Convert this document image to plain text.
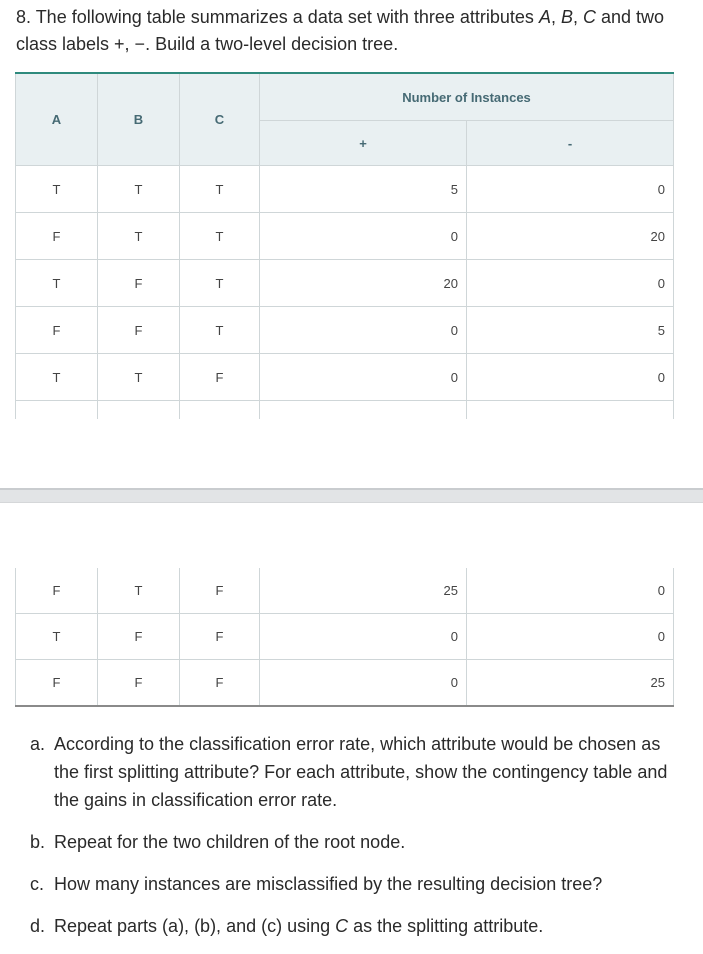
8. The following table summarizes a data set with three attributes A, B, C and two class labels +, −. Build a two-level decision tree.
A	B	C	Number of Instances	
			+	-
T	T	T	5	0
F	T	T	0	20
T	F	T	20	0
F	F	T	0	5
T	T	F	0	0

F	T	F	25	0
T	F	F	0	0
F	F	F	0	25
a. According to the classification error rate, which attribute would be chosen as the first splitting attribute? For each attribute, show the contingency table and the gains in classification error rate.
b. Repeat for the two children of the root node.
c. How many instances are misclassified by the resulting decision tree?
d. Repeat parts (a), (b), and (c) using C as the splitting attribute.
